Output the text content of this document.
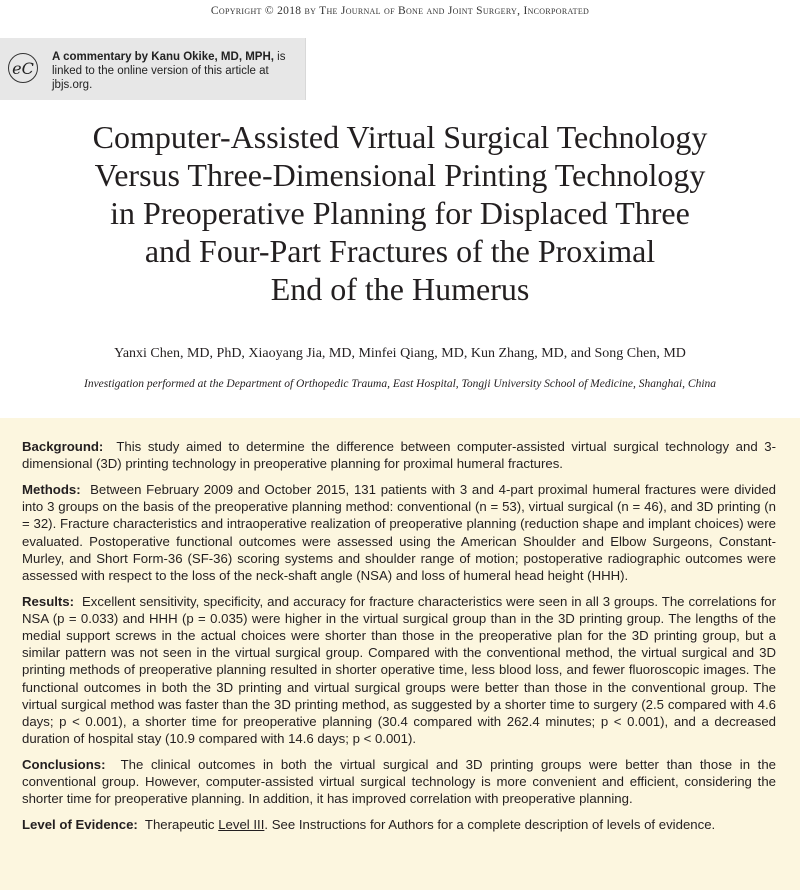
Copyright © 2018 by The Journal of Bone and Joint Surgery, Incorporated
eC
A commentary by Kanu Okike, MD, MPH, is linked to the online version of this article at jbjs.org.
Computer-Assisted Virtual Surgical Technology
Versus Three-Dimensional Printing Technology
in Preoperative Planning for Displaced Three
and Four-Part Fractures of the Proximal
End of the Humerus
Yanxi Chen, MD, PhD, Xiaoyang Jia, MD, Minfei Qiang, MD, Kun Zhang, MD, and Song Chen, MD
Investigation performed at the Department of Orthopedic Trauma, East Hospital, Tongji University School of Medicine, Shanghai, China

Background: This study aimed to determine the difference between computer-assisted virtual surgical technology and 3-dimensional (3D) printing technology in preoperative planning for proximal humeral fractures.

Methods: Between February 2009 and October 2015, 131 patients with 3 and 4-part proximal humeral fractures were divided into 3 groups on the basis of the preoperative planning method: conventional (n = 53), virtual surgical (n = 46), and 3D printing (n = 32). Fracture characteristics and intraoperative realization of preoperative planning (reduction shape and implant choices) were evaluated. Postoperative functional outcomes were assessed using the American Shoulder and Elbow Surgeons, Constant-Murley, and Short Form-36 (SF-36) scoring systems and shoulder range of motion; postoperative radiographic outcomes were assessed with respect to the loss of the neck-shaft angle (NSA) and loss of humeral head height (HHH).

Results: Excellent sensitivity, specificity, and accuracy for fracture characteristics were seen in all 3 groups. The correlations for NSA (p = 0.033) and HHH (p = 0.035) were higher in the virtual surgical group than in the 3D printing group. The lengths of the medial support screws in the actual choices were shorter than those in the preoperative plan for the 3D printing group, but a similar pattern was not seen in the virtual surgical group. Compared with the conventional method, the virtual surgical and 3D printing methods of preoperative planning resulted in shorter operative time, less blood loss, and fewer fluoroscopic images. The functional outcomes in both the 3D printing and virtual surgical groups were better than those in the conventional group. The virtual surgical method was faster than the 3D printing method, as suggested by a shorter time to surgery (2.5 compared with 4.6 days; p < 0.001), a shorter time for preoperative planning (30.4 compared with 262.4 minutes; p < 0.001), and a decreased duration of hospital stay (10.9 compared with 14.6 days; p < 0.001).

Conclusions: The clinical outcomes in both the virtual surgical and 3D printing groups were better than those in the conventional group. However, computer-assisted virtual surgical technology is more convenient and efficient, considering the shorter time for preoperative planning. In addition, it has improved correlation with preoperative planning.

Level of Evidence: Therapeutic Level III. See Instructions for Authors for a complete description of levels of evidence.
